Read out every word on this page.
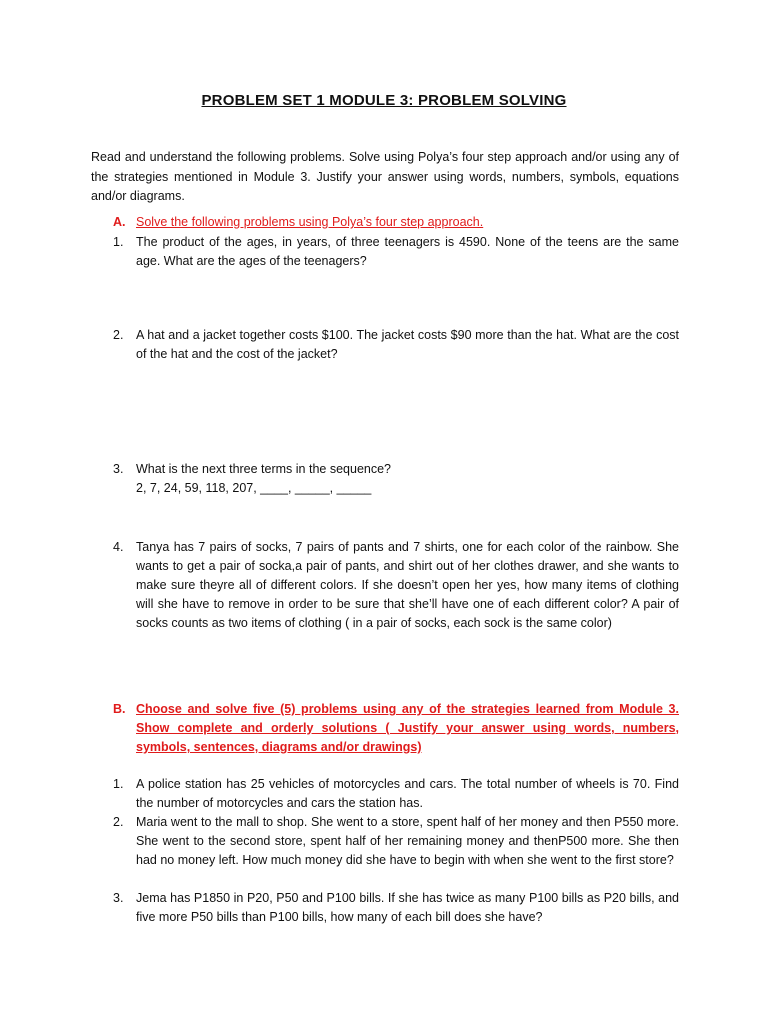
PROBLEM SET 1 MODULE 3: PROBLEM SOLVING
Read and understand the following problems. Solve using Polya’s four step approach and/or using any of the strategies mentioned in Module 3. Justify your answer using words, numbers, symbols, equations and/or diagrams.
A. Solve the following problems using Polya’s four step approach.
1. The product of the ages, in years, of three teenagers is 4590. None of the teens are the same age. What are the ages of the teenagers?
2. A hat and a jacket together costs $100. The jacket costs $90 more than the hat. What are the cost of the hat and the cost of the jacket?
3. What is the next three terms in the sequence?
2, 7, 24, 59, 118, 207, ____, _____, _____
4. Tanya has 7 pairs of socks, 7 pairs of pants and 7 shirts, one for each color of the rainbow. She wants to get a pair of socka,a pair of pants, and shirt out of her clothes drawer, and she wants to make sure theyre all of different colors. If she doesn’t open her yes, how many items of clothing will she have to remove in order to be sure that she’ll have one of each different color? A pair of socks counts as two items of clothing ( in a pair of socks, each sock is the same color)
B. Choose and solve five (5) problems using any of the strategies learned from Module 3. Show complete and orderly solutions ( Justify your answer using words, numbers, symbols, sentences, diagrams and/or drawings)
1. A police station has 25 vehicles of motorcycles and cars. The total number of wheels is 70. Find the number of motorcycles and cars the station has.
2. Maria went to the mall to shop. She went to a store, spent half of her money and then P550 more. She went to the second store, spent half of her remaining money and thenP500 more. She then had no money left. How much money did she have to begin with when she went to the first store?
3. Jema has P1850 in P20, P50 and P100 bills. If she has twice as many P100 bills as P20 bills, and five more P50 bills than P100 bills, how many of each bill does she have?
